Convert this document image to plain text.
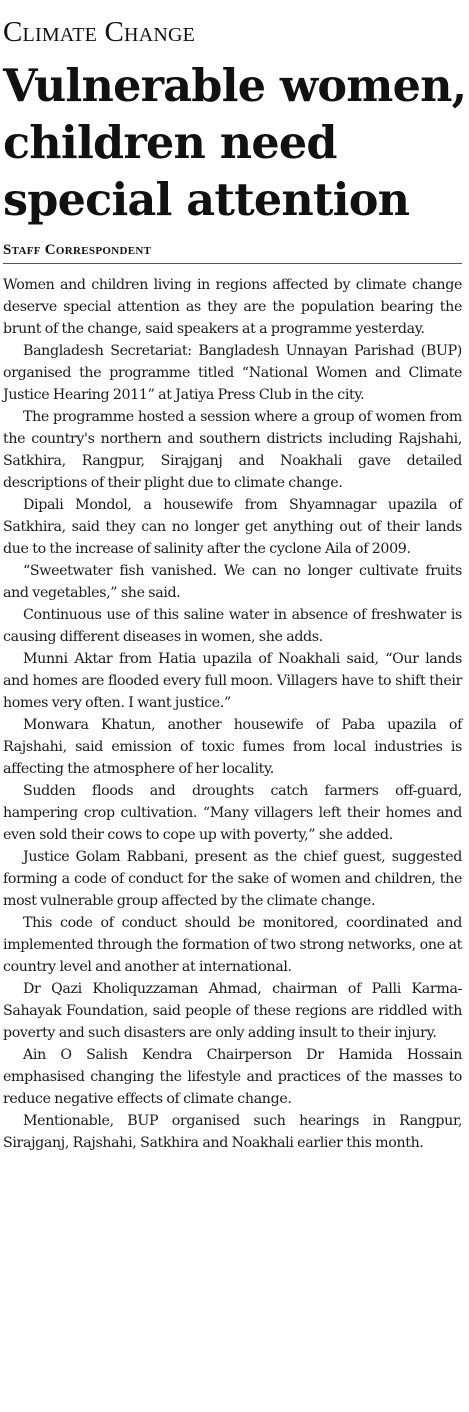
Climate Change
Vulnerable women,
children need
special attention
Staff Correspondent

Women and children living in regions affected by climate change deserve special attention as they are the population bearing the brunt of the change, said speakers at a programme yesterday.

Bangladesh Secretariat: Bangladesh Unnayan Parishad (BUP) organised the programme titled “National Women and Climate Justice Hearing 2011” at Jatiya Press Club in the city.

The programme hosted a session where a group of women from the country's northern and southern districts including Rajshahi, Satkhira, Rangpur, Sirajganj and Noakhali gave detailed descriptions of their plight due to climate change.

Dipali Mondol, a housewife from Shyamnagar upazila of Satkhira, said they can no longer get anything out of their lands due to the increase of salinity after the cyclone Aila of 2009.

“Sweetwater fish vanished. We can no longer cultivate fruits and vegetables,” she said.

Continuous use of this saline water in absence of freshwater is causing different diseases in women, she adds.

Munni Aktar from Hatia upazila of Noakhali said, “Our lands and homes are flooded every full moon. Villagers have to shift their homes very often. I want justice.”

Monwara Khatun, another housewife of Paba upazila of Rajshahi, said emission of toxic fumes from local industries is affecting the atmosphere of her locality.

Sudden floods and droughts catch farmers off-guard, hampering crop cultivation. “Many villagers left their homes and even sold their cows to cope up with poverty,” she added.

Justice Golam Rabbani, present as the chief guest, suggested forming a code of conduct for the sake of women and children, the most vulnerable group affected by the climate change.

This code of conduct should be monitored, coordinated and implemented through the formation of two strong networks, one at country level and another at international.

Dr Qazi Kholiquzzaman Ahmad, chairman of Palli Karma-Sahayak Foundation, said people of these regions are riddled with poverty and such disasters are only adding insult to their injury.

Ain O Salish Kendra Chairperson Dr Hamida Hossain emphasised changing the lifestyle and practices of the masses to reduce negative effects of climate change.

Mentionable, BUP organised such hearings in Rangpur, Sirajganj, Rajshahi, Satkhira and Noakhali earlier this month.
